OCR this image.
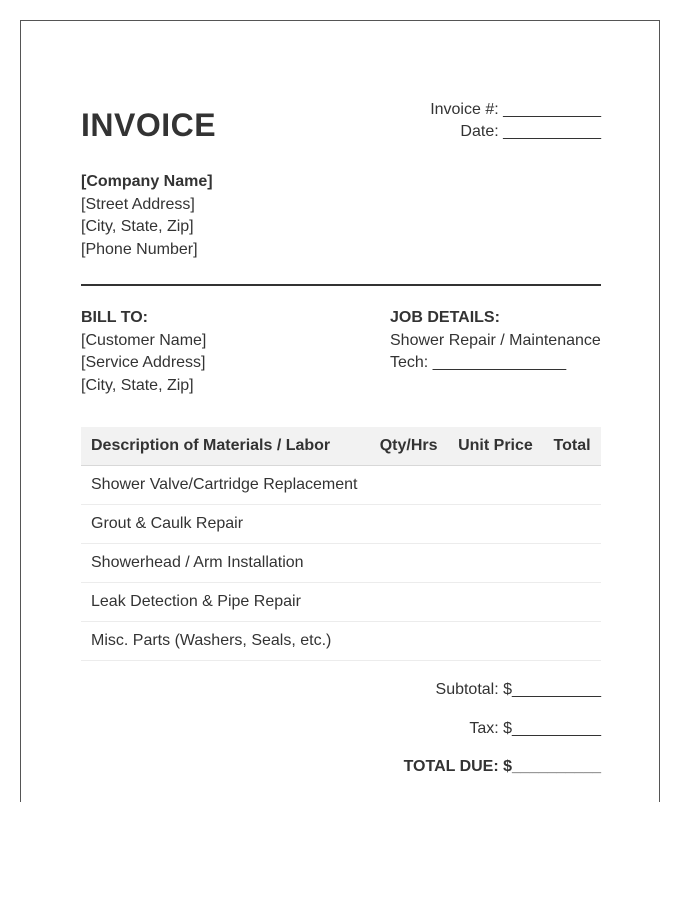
INVOICE	Invoice #: ___________
Date: ___________
[Company Name]
[Street Address]
[City, State, Zip]
[Phone Number]
BILL TO:
[Customer Name]
[Service Address]
[City, State, Zip]
JOB DETAILS:
Shower Repair / Maintenance
Tech: _______________
Description of Materials / Labor	Qty/Hrs	Unit Price	Total
Shower Valve/Cartridge Replacement			
Grout & Caulk Repair			
Showerhead / Arm Installation			
Leak Detection & Pipe Repair			
Misc. Parts (Washers, Seals, etc.)			
Subtotal: $__________
Tax: $__________
TOTAL DUE: $__________
